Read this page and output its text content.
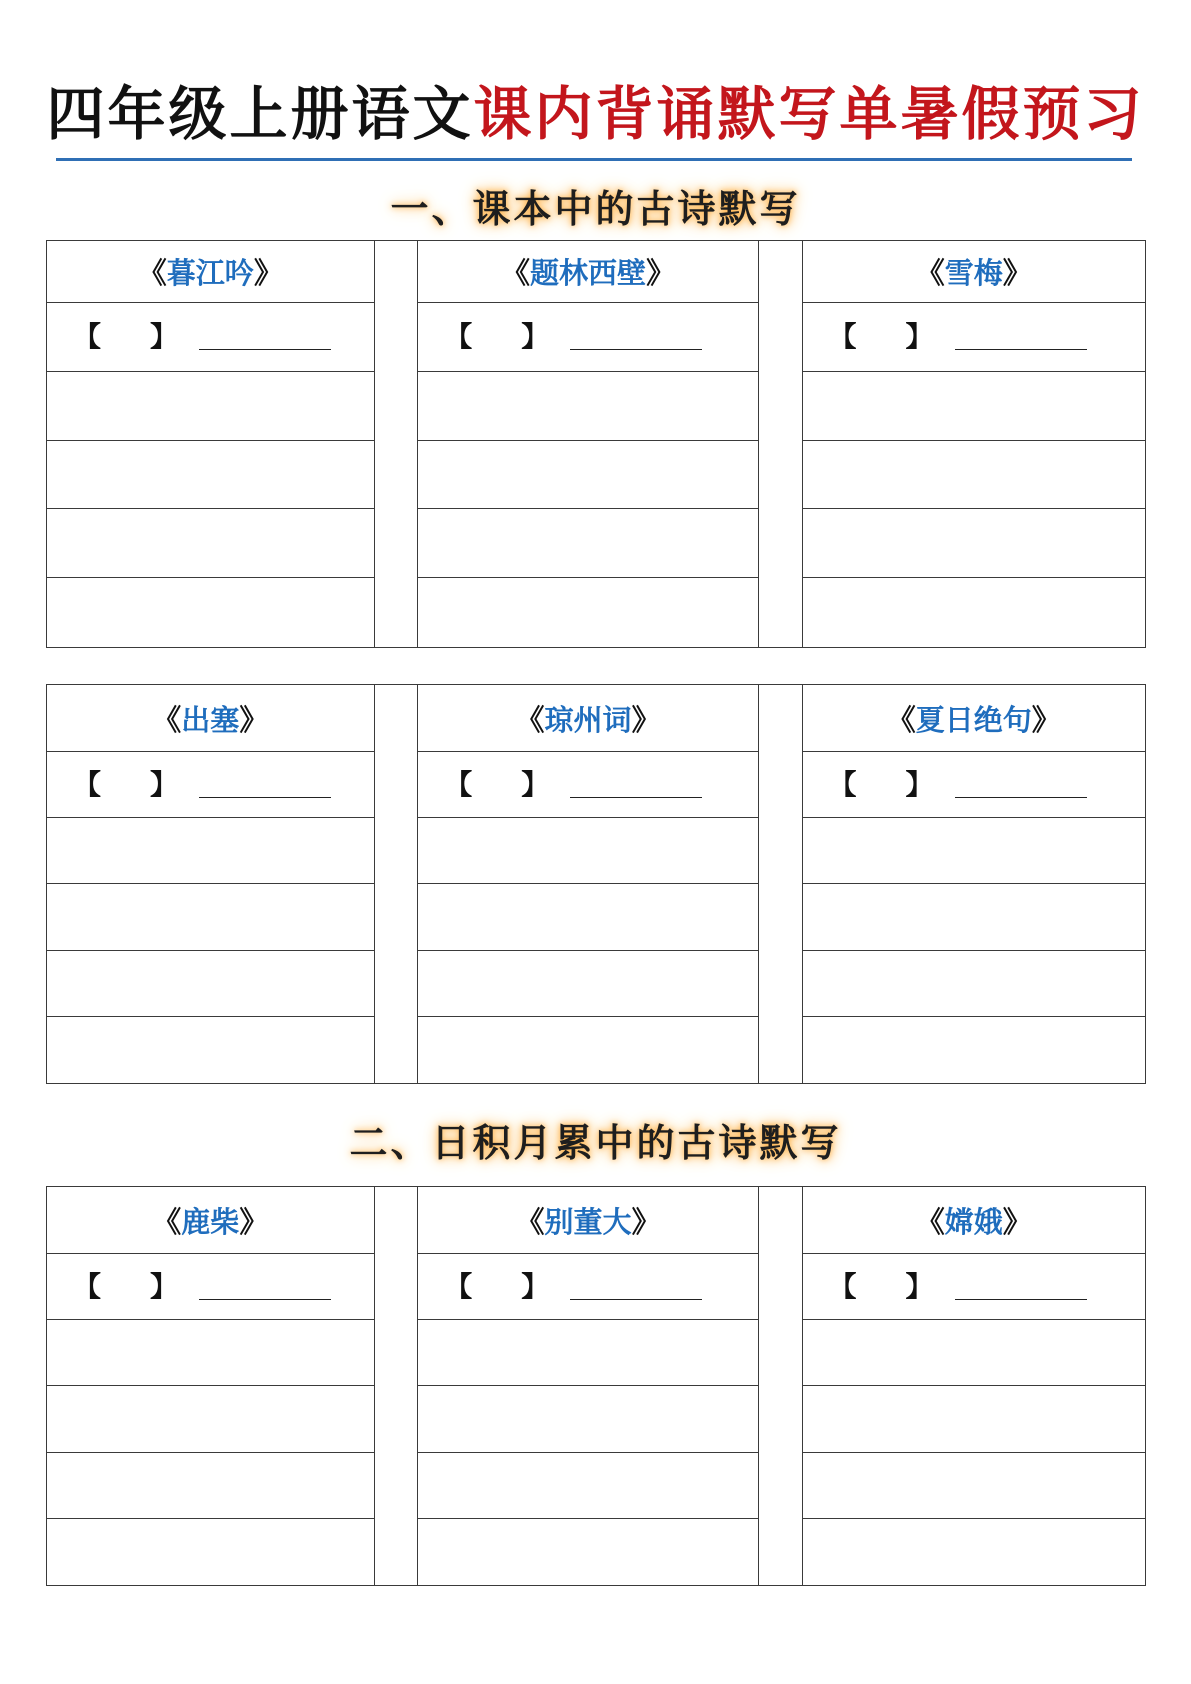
四年级上册语文课内背诵默写单暑假预习
一、课本中的古诗默写
《 暮江吟 》
【 】
《 题林西壁 》
【 】
《 雪梅 》
【 】
《 出塞 》
【 】
《 琼州词 》
【 】
《 夏日绝句 》
【 】
《 鹿柴 》
【 】
《 别董大 》
【 】
《 嫦娥 》
【 】
二、日积月累中的古诗默写
